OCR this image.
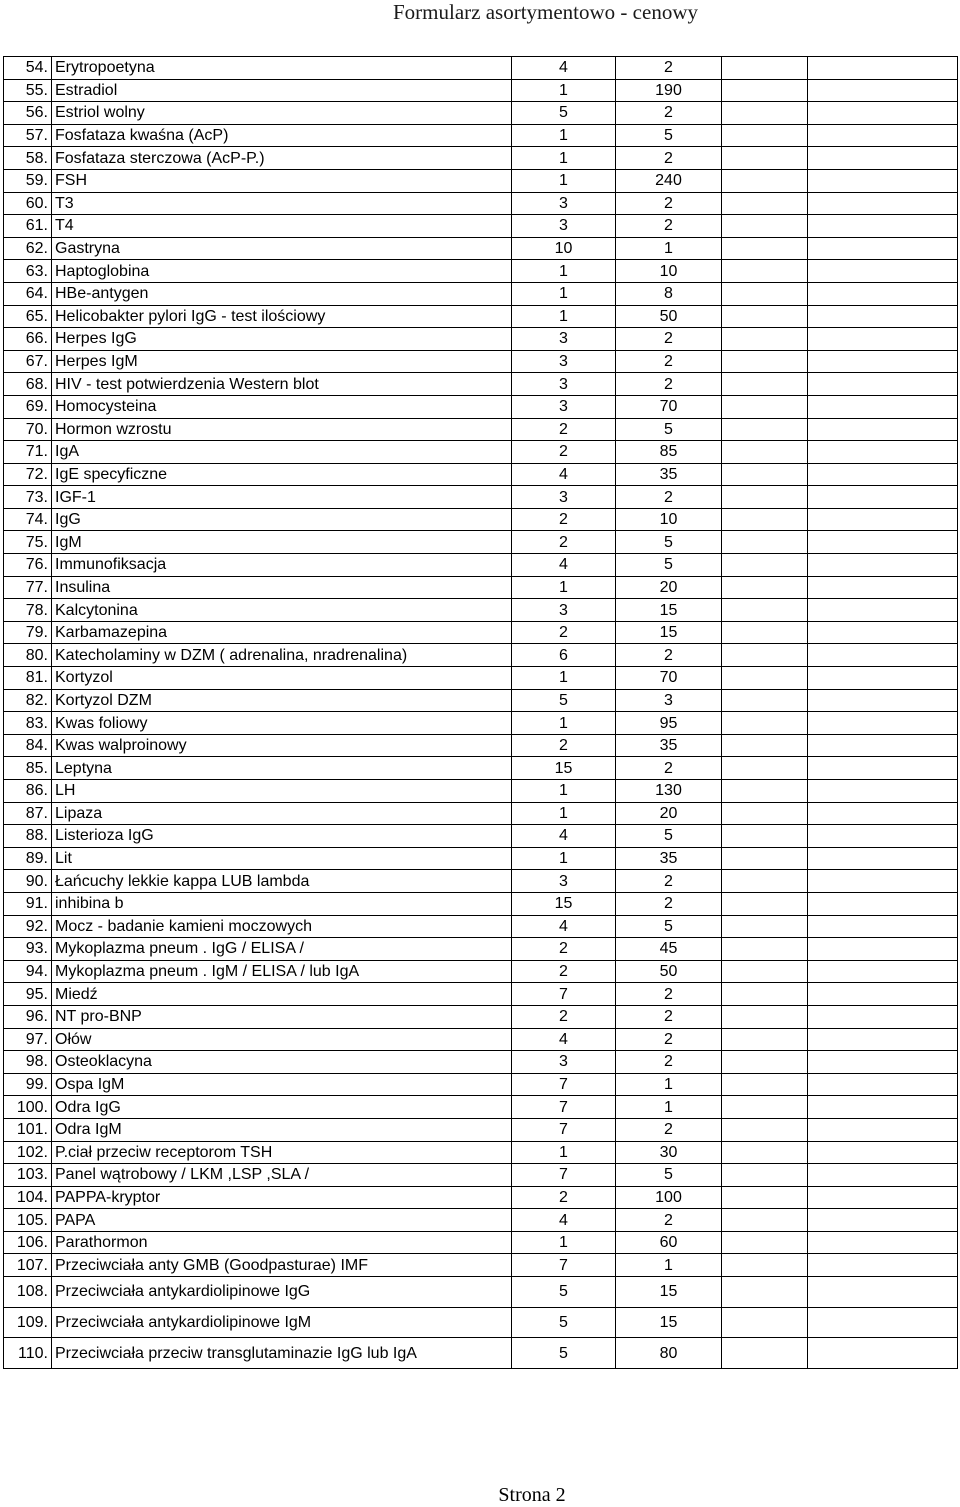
Formularz asortymentowo - cenowy
54.	Erytropoetyna	4	2		
55.	Estradiol	1	190		
56.	Estriol wolny	5	2		
57.	Fosfataza kwaśna (AcP)	1	5		
58.	Fosfataza sterczowa (AcP-P.)	1	2		
59.	FSH	1	240		
60.	T3	3	2		
61.	T4	3	2		
62.	Gastryna	10	1		
63.	Haptoglobina	1	10		
64.	HBe-antygen	1	8		
65.	Helicobakter pylori IgG - test ilościowy	1	50		
66.	Herpes IgG	3	2		
67.	Herpes IgM	3	2		
68.	HIV - test potwierdzenia Western blot	3	2		
69.	Homocysteina	3	70		
70.	Hormon wzrostu	2	5		
71.	IgA	2	85		
72.	IgE specyficzne	4	35		
73.	IGF-1	3	2		
74.	IgG	2	10		
75.	IgM	2	5		
76.	Immunofiksacja	4	5		
77.	Insulina	1	20		
78.	Kalcytonina	3	15		
79.	Karbamazepina	2	15		
80.	Katecholaminy w DZM ( adrenalina, nradrenalina)	6	2		
81.	Kortyzol	1	70		
82.	Kortyzol DZM	5	3		
83.	Kwas foliowy	1	95		
84.	Kwas walproinowy	2	35		
85.	Leptyna	15	2		
86.	LH	1	130		
87.	Lipaza	1	20		
88.	Listerioza IgG	4	5		
89.	Lit	1	35		
90.	Łańcuchy lekkie kappa LUB lambda	3	2		
91.	inhibina b	15	2		
92.	Mocz - badanie kamieni moczowych	4	5		
93.	Mykoplazma pneum . IgG / ELISA /	2	45		
94.	Mykoplazma pneum . IgM / ELISA / lub IgA	2	50		
95.	Miedź	7	2		
96.	NT pro-BNP	2	2		
97.	Ołów	4	2		
98.	Osteoklacyna	3	2		
99.	Ospa IgM	7	1		
100.	Odra IgG	7	1		
101.	Odra IgM	7	2		
102.	P.ciał przeciw receptorom TSH	1	30		
103.	Panel wątrobowy / LKM ,LSP ,SLA /	7	5		
104.	PAPPA-kryptor	2	100		
105.	PAPA	4	2		
106.	Parathormon	1	60		
107.	Przeciwciała anty GMB (Goodpasturae) IMF	7	1		
108.	Przeciwciała antykardiolipinowe IgG	5	15		
109.	Przeciwciała antykardiolipinowe IgM	5	15		
110.	Przeciwciała przeciw transglutaminazie IgG lub IgA	5	80		
Strona 2
